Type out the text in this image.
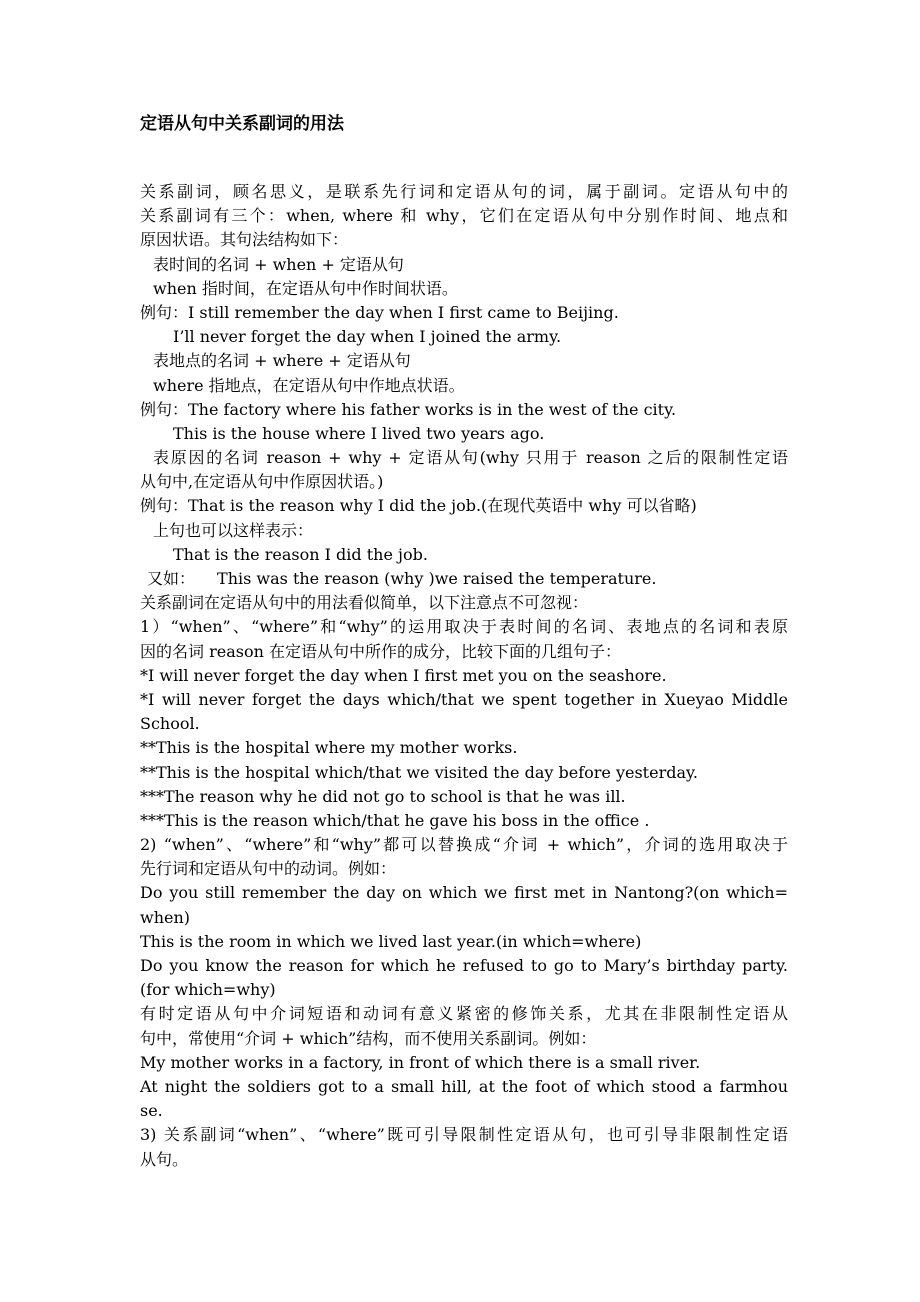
定语从句中关系副词的用法
关系副词，顾名思义，是联系先行词和定语从句的词，属于副词。定语从句中的
关系副词有三个：when, where 和 why，它们在定语从句中分别作时间、地点和
原因状语。其句法结构如下：
表时间的名词 + when + 定语从句
when 指时间，在定语从句中作时间状语。
例句：I still remember the day when I first came to Beijing.
I’ll never forget the day when I joined the army.
表地点的名词 + where + 定语从句
where 指地点，在定语从句中作地点状语。
例句：The factory where his father works is in the west of the city.
This is the house where I lived two years ago.
表原因的名词 reason + why + 定语从句(why 只用于 reason 之后的限制性定语
从句中,在定语从句中作原因状语。)
例句：That is the reason why I did the job.(在现代英语中 why 可以省略)
上句也可以这样表示：
That is the reason I did the job.
又如： This was the reason (why )we raised the temperature.
关系副词在定语从句中的用法看似简单，以下注意点不可忽视：
1）“when”、“where”和“why”的运用取决于表时间的名词、表地点的名词和表原
因的名词 reason 在定语从句中所作的成分，比较下面的几组句子：
*I will never forget the day when I first met you on the seashore.
*I will never forget the days which/that we spent together in Xueyao Middle
School.
**This is the hospital where my mother works.
**This is the hospital which/that we visited the day before yesterday.
***The reason why he did not go to school is that he was ill.
***This is the reason which/that he gave his boss in the office .
2) “when”、“where”和“why”都可以替换成“介词 + which”，介词的选用取决于
先行词和定语从句中的动词。例如：
Do you still remember the day on which we first met in Nantong?(on which=
when)
This is the room in which we lived last year.(in which=where)
Do you know the reason for which he refused to go to Mary’s birthday party.
(for which=why)
有时定语从句中介词短语和动词有意义紧密的修饰关系，尤其在非限制性定语从
句中，常使用“介词 + which”结构，而不使用关系副词。例如：
My mother works in a factory, in front of which there is a small river.
At night the soldiers got to a small hill, at the foot of which stood a farmhou
se.
3) 关系副词“when”、“where”既可引导限制性定语从句，也可引导非限制性定语
从句。
